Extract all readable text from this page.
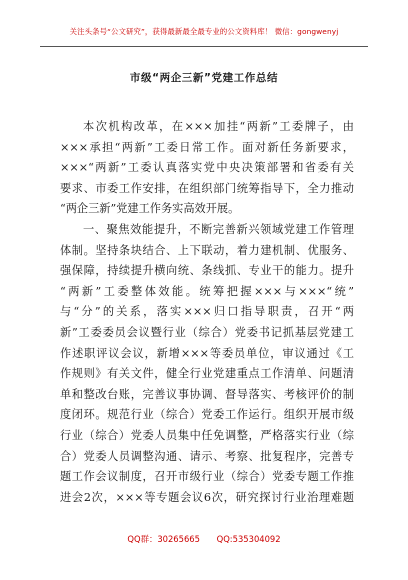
关注头条号“公文研究”，获得最新最全最专业的公文资料库！ 微信：gongwenyj
市级“两企三新”党建工作总结
本次机构改革，在×××加挂“两新”工委牌子，由
×××承担“两新”工委日常工作。面对新任务新要求，
×××“两新”工委认真落实党中央决策部署和省委有关
要求、市委工作安排，在组织部门统筹指导下，全力推动
“两企三新”党建工作务实高效开展。
一、聚焦效能提升，不断完善新兴领域党建工作管理
体制。坚持条块结合、上下联动，着力建机制、优服务、
强保障，持续提升横向统、条线抓、专业干的能力。提升
“两新”工委整体效能。统筹把握×××与×××“统”
与“分”的关系，落实×××归口指导职责，召开“两
新”工委委员会议暨行业（综合）党委书记抓基层党建工
作述职评议会议，新增×××等委员单位，审议通过《工
作规则》有关文件，健全行业党建重点工作清单、问题清
单和整改台账，完善议事协调、督导落实、考核评价的制
度闭环。规范行业（综合）党委工作运行。组织开展市级
行业（综合）党委人员集中任免调整，严格落实行业（综
合）党委人员调整沟通、请示、考察、批复程序，完善专
题工作会议制度，召开市级行业（综合）党委专题工作推
进会2次，×××等专题会议6次，研究探讨行业治理难题
QQ群：30265665 QQ:535304092
